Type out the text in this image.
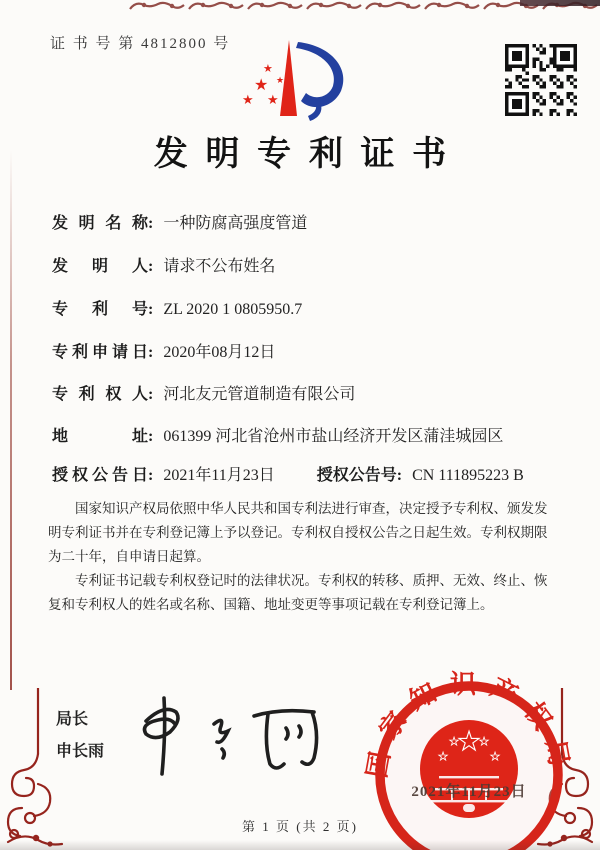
证 书 号 第 4812800 号
★
★
★
★
★
发明专利证书
发明名称 : 一种防腐高强度管道
发明人 : 请求不公布姓名
专利号 : ZL 2020 1 0805950.7
专利申请日 : 2020年08月12日
专利权人 : 河北友元管道制造有限公司
地址 : 061399 河北省沧州市盐山经济开发区蒲洼城园区
授权公告日 : 2021年11月23日	授权公告号 : CN 111895223 B

国家知识产权局依照中华人民共和国专利法进行审查，决定授予专利权、颁发发明专利证书并在专利登记簿上予以登记。专利权自授权公告之日起生效。专利权期限为二十年，自申请日起算。

专利证书记载专利权登记时的法律状况。专利权的转移、质押、无效、终止、恢复和专利权人的姓名或名称、国籍、地址变更等事项记载在专利登记簿上。

局长
申长雨	国家知识产权局
★
★
★ ★
★
2021年11月23日
第 1 页 (共 2 页)
